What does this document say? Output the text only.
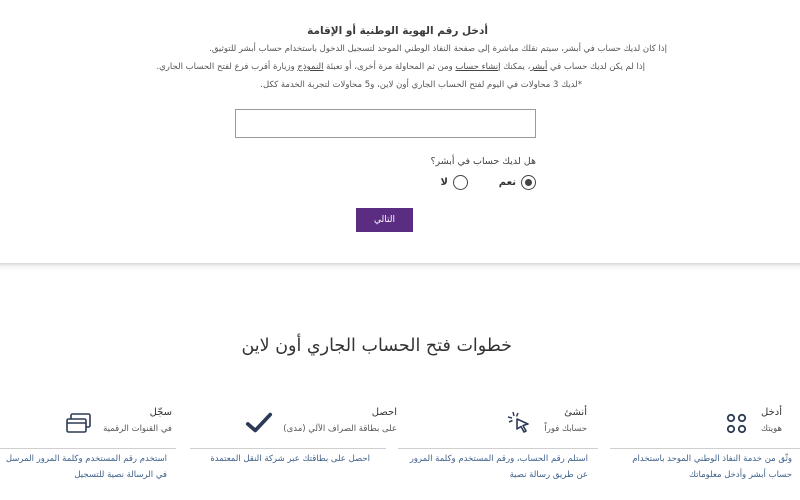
أدخل رقم الهوية الوطنية أو الإقامة
إذا كان لديك حساب في أبشر، سيتم نقلك مباشرة إلى صفحة النفاذ الوطني الموحد لتسجيل الدخول باستخدام حساب أبشر للتوثيق.
إذا لم يكن لديك حساب في أبشر، يمكنك إنشاء حساب ومن ثم المحاولة مرة أخرى، أو تعبئة النموذج وزيارة أقرب فرع لفتح الحساب الجاري.
*لديك 3 محاولات في اليوم لفتح الحساب الجاري أون لاين، و5 محاولات لتجربة الخدمة ككل.
هل لديك حساب في أبشر؟
نعم
لا
التالي
خطوات فتح الحساب الجاري أون لاين
أدخل
هويتك
أنشئ
حسابك فوراً
احصل
على بطاقة الصراف الآلي (مدى)
سجّل
في القنوات الرقمية
وثّق من خدمة النفاذ الوطني الموحد باستخدام
حساب أبشر وأدخل معلوماتك
استلم رقم الحساب، ورقم المستخدم وكلمة المرور
عن طريق رسالة نصية
احصل على بطاقتك عبر شركة النقل المعتمدة
استخدم رقم المستخدم وكلمة المرور المرسل
في الرسالة نصية للتسجيل
